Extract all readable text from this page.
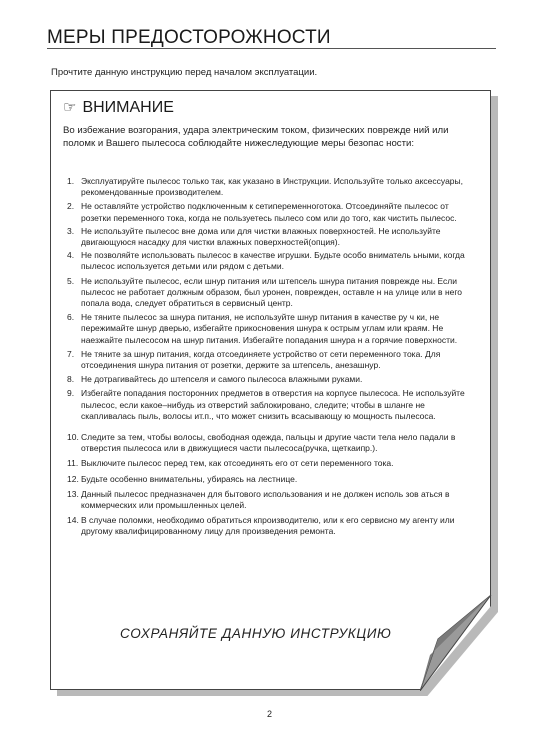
МЕРЫ ПРЕДОСТОРОЖНОСТИ
Прочтите данную инструкцию перед началом эксплуатации.
☞ ВНИМАНИЕ
Во избежание возгорания, удара электрическим током, физических поврежде ний или поломк и Вашего пылесоса соблюдайте нижеследующие меры безопас ности:
1. Эксплуатируйте пылесос только так, как указано в Инструкции. Используйте только аксессуары, рекомендованные производителем.
2. Не оставляйте устройство подключенным к сетипеременноготока. Отсоединяйте пылесос от розетки переменного тока, когда не пользуетесь пылесо сом или до того, как чистить пылесос.
3. Не используйте пылесос вне дома или для чистки влажных поверхностей. Не используйте двигающуюся насадку для чистки влажных поверхностей(опция).
4. Не позволяйте использовать пылесос в качестве игрушки. Будьте особо вниматель ьными, когда пылесос используется детьми или рядом с детьми.
5. Не используйте пылесос, если шнур питания или штепсель шнура питания поврежде ны. Если пылесос не работает должным образом, был уронен, поврежден, оставле н на улице или в него попала вода, следует обратиться в сервисный центр.
6. Не тяните пылесос за шнура питания, не используйте шнур питания в качестве ру ч ки, не пережимайте шнур дверью, избегайте прикосновения шнура к острым углам или краям. Не наезжайте пылесосом на шнур питания. Избегайте попадания шнура н а горячие поверхности.
7. Не тяните за шнур питания, когда отсоединяете устройство от сети переменного тока. Для отсоединения шнура питания от розетки, держите за штепсель, анезашнур.
8. Не дотрагивайтесь до штепселя и самого пылесоса влажными руками.
9. Избегайте попадания посторонних предметов в отверстия на корпусе пылесоса. Не используйте пылесос, если какое–нибудь из отверстий заблокировано, следите; чтобы в шланге не скапливалась пыль, волосы ит.п., что может снизить всасывающу ю мощность пылесоса.
10. Следите за тем, чтобы волосы, свободная одежда, пальцы и другие части тела нело падали в отверстия пылесоса или в движущиеся части пылесоса(ручка, щеткаипр.).
11. Выключите пылесос перед тем, как отсоединять его от сети переменного тока.
12. Будьте особенно внимательны, убираясь на лестнице.
13. Данный пылесос предназначен для бытового использования и не должен исполь зов аться в коммерческих или промышленных целей.
14. В случае поломки, необходимо обратиться кпроизводителю, или к его сервисно му агенту или другому квалифицированному лицу для произведения ремонта.
СОХРАНЯЙТЕ ДАННУЮ ИНСТРУКЦИЮ
2
